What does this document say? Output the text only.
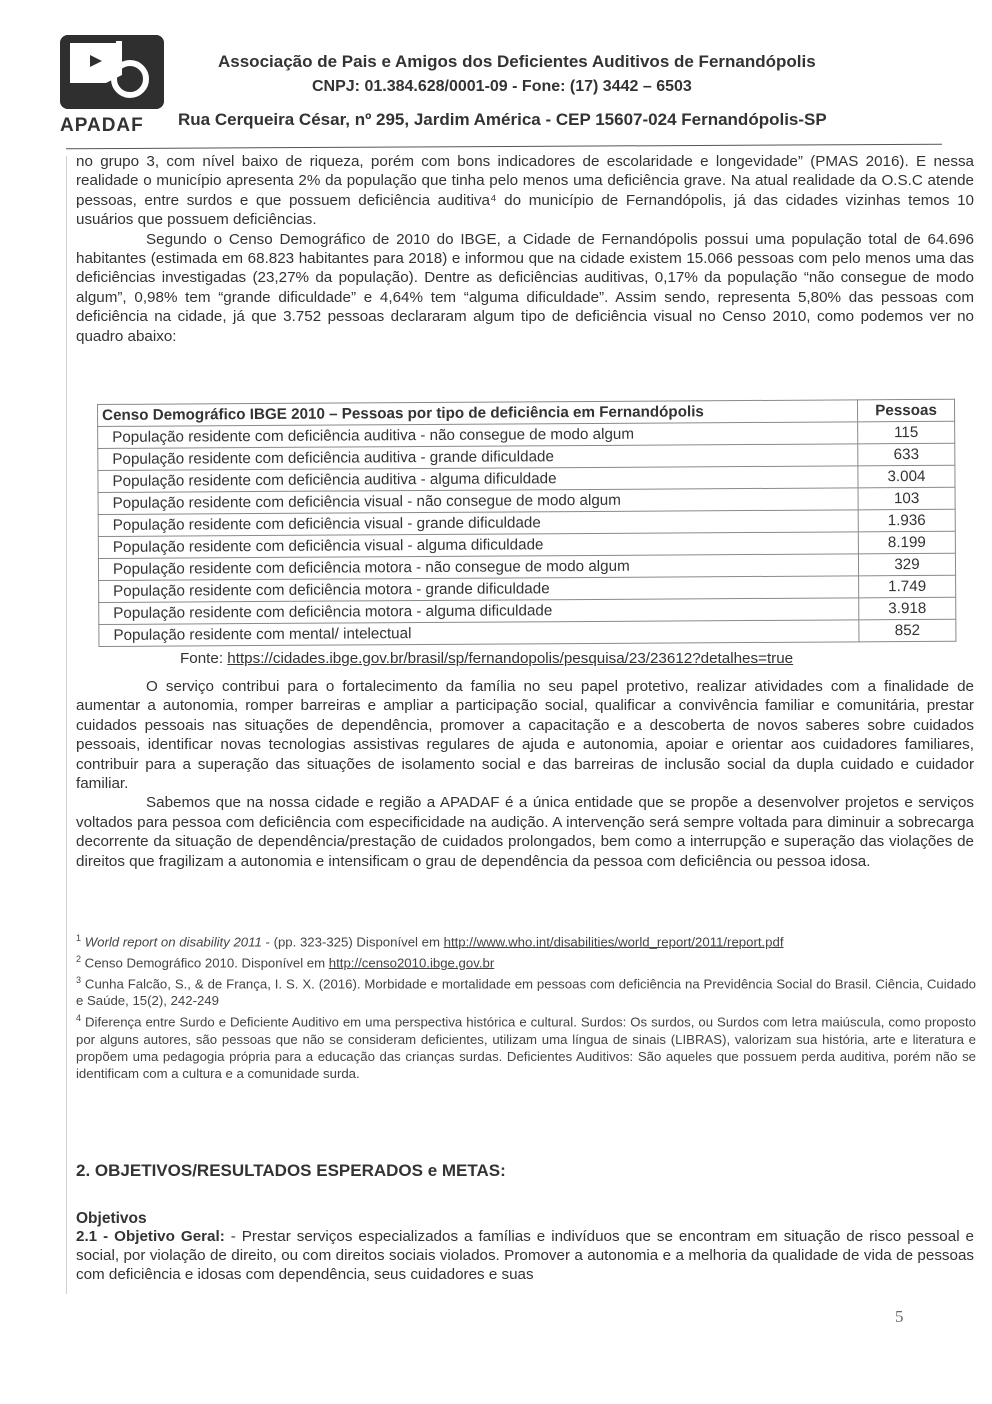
APADAF
Associação de Pais e Amigos dos Deficientes Auditivos de Fernandópolis
CNPJ: 01.384.628/0001-09 - Fone: (17) 3442 – 6503
Rua Cerqueira César, nº 295, Jardim América - CEP 15607-024 Fernandópolis-SP

no grupo 3, com nível baixo de riqueza, porém com bons indicadores de escolaridade e longevidade” (PMAS 2016). E nessa realidade o município apresenta 2% da população que tinha pelo menos uma deficiência grave. Na atual realidade da O.S.C atende pessoas, entre surdos e que possuem deficiência auditiva⁴ do município de Fernandópolis, já das cidades vizinhas temos 10 usuários que possuem deficiências.

Segundo o Censo Demográfico de 2010 do IBGE, a Cidade de Fernandópolis possui uma população total de 64.696 habitantes (estimada em 68.823 habitantes para 2018) e informou que na cidade existem 15.066 pessoas com pelo menos uma das deficiências investigadas (23,27% da população). Dentre as deficiências auditivas, 0,17% da população “não consegue de modo algum”, 0,98% tem “grande dificuldade” e 4,64% tem “alguma dificuldade”. Assim sendo, representa 5,80% das pessoas com deficiência na cidade, já que 3.752 pessoas declararam algum tipo de deficiência visual no Censo 2010, como podemos ver no quadro abaixo:

Censo Demográfico IBGE 2010 – Pessoas por tipo de deficiência em Fernandópolis	Pessoas
População residente com deficiência auditiva - não consegue de modo algum	115
População residente com deficiência auditiva - grande dificuldade	633
População residente com deficiência auditiva - alguma dificuldade	3.004
População residente com deficiência visual - não consegue de modo algum	103
População residente com deficiência visual - grande dificuldade	1.936
População residente com deficiência visual - alguma dificuldade	8.199
População residente com deficiência motora - não consegue de modo algum	329
População residente com deficiência motora - grande dificuldade	1.749
População residente com deficiência motora - alguma dificuldade	3.918
População residente com mental/ intelectual	852
Fonte: https://cidades.ibge.gov.br/brasil/sp/fernandopolis/pesquisa/23/23612?detalhes=true

O serviço contribui para o fortalecimento da família no seu papel protetivo, realizar atividades com a finalidade de aumentar a autonomia, romper barreiras e ampliar a participação social, qualificar a convivência familiar e comunitária, prestar cuidados pessoais nas situações de dependência, promover a capacitação e a descoberta de novos saberes sobre cuidados pessoais, identificar novas tecnologias assistivas regulares de ajuda e autonomia, apoiar e orientar aos cuidadores familiares, contribuir para a superação das situações de isolamento social e das barreiras de inclusão social da dupla cuidado e cuidador familiar.

Sabemos que na nossa cidade e região a APADAF é a única entidade que se propõe a desenvolver projetos e serviços voltados para pessoa com deficiência com especificidade na audição. A intervenção será sempre voltada para diminuir a sobrecarga decorrente da situação de dependência/prestação de cuidados prolongados, bem como a interrupção e superação das violações de direitos que fragilizam a autonomia e intensificam o grau de dependência da pessoa com deficiência ou pessoa idosa.

$^1$ World report on disability 2011 - (pp. 323-325) Disponível em http://www.who.int/disabilities/world_report/2011/report.pdf

$^2$ Censo Demográfico 2010. Disponível em http://censo2010.ibge.gov.br

$^3$ Cunha Falcão, S., & de França, I. S. X. (2016). Morbidade e mortalidade em pessoas com deficiência na Previdência Social do Brasil. Ciência, Cuidado e Saúde, 15(2), 242-249

$^4$ Diferença entre Surdo e Deficiente Auditivo em uma perspectiva histórica e cultural. Surdos: Os surdos, ou Surdos com letra maiúscula, como proposto por alguns autores, são pessoas que não se consideram deficientes, utilizam uma língua de sinais (LIBRAS), valorizam sua história, arte e literatura e propõem uma pedagogia própria para a educação das crianças surdas. Deficientes Auditivos: São aqueles que possuem perda auditiva, porém não se identificam com a cultura e a comunidade surda.

2. OBJETIVOS/RESULTADOS ESPERADOS e METAS:
Objetivos
2.1 - Objetivo Geral: - Prestar serviços especializados a famílias e indivíduos que se encontram em situação de risco pessoal e social, por violação de direito, ou com direitos sociais violados. Promover a autonomia e a melhoria da qualidade de vida de pessoas com deficiência e idosas com dependência, seus cuidadores e suas
5
